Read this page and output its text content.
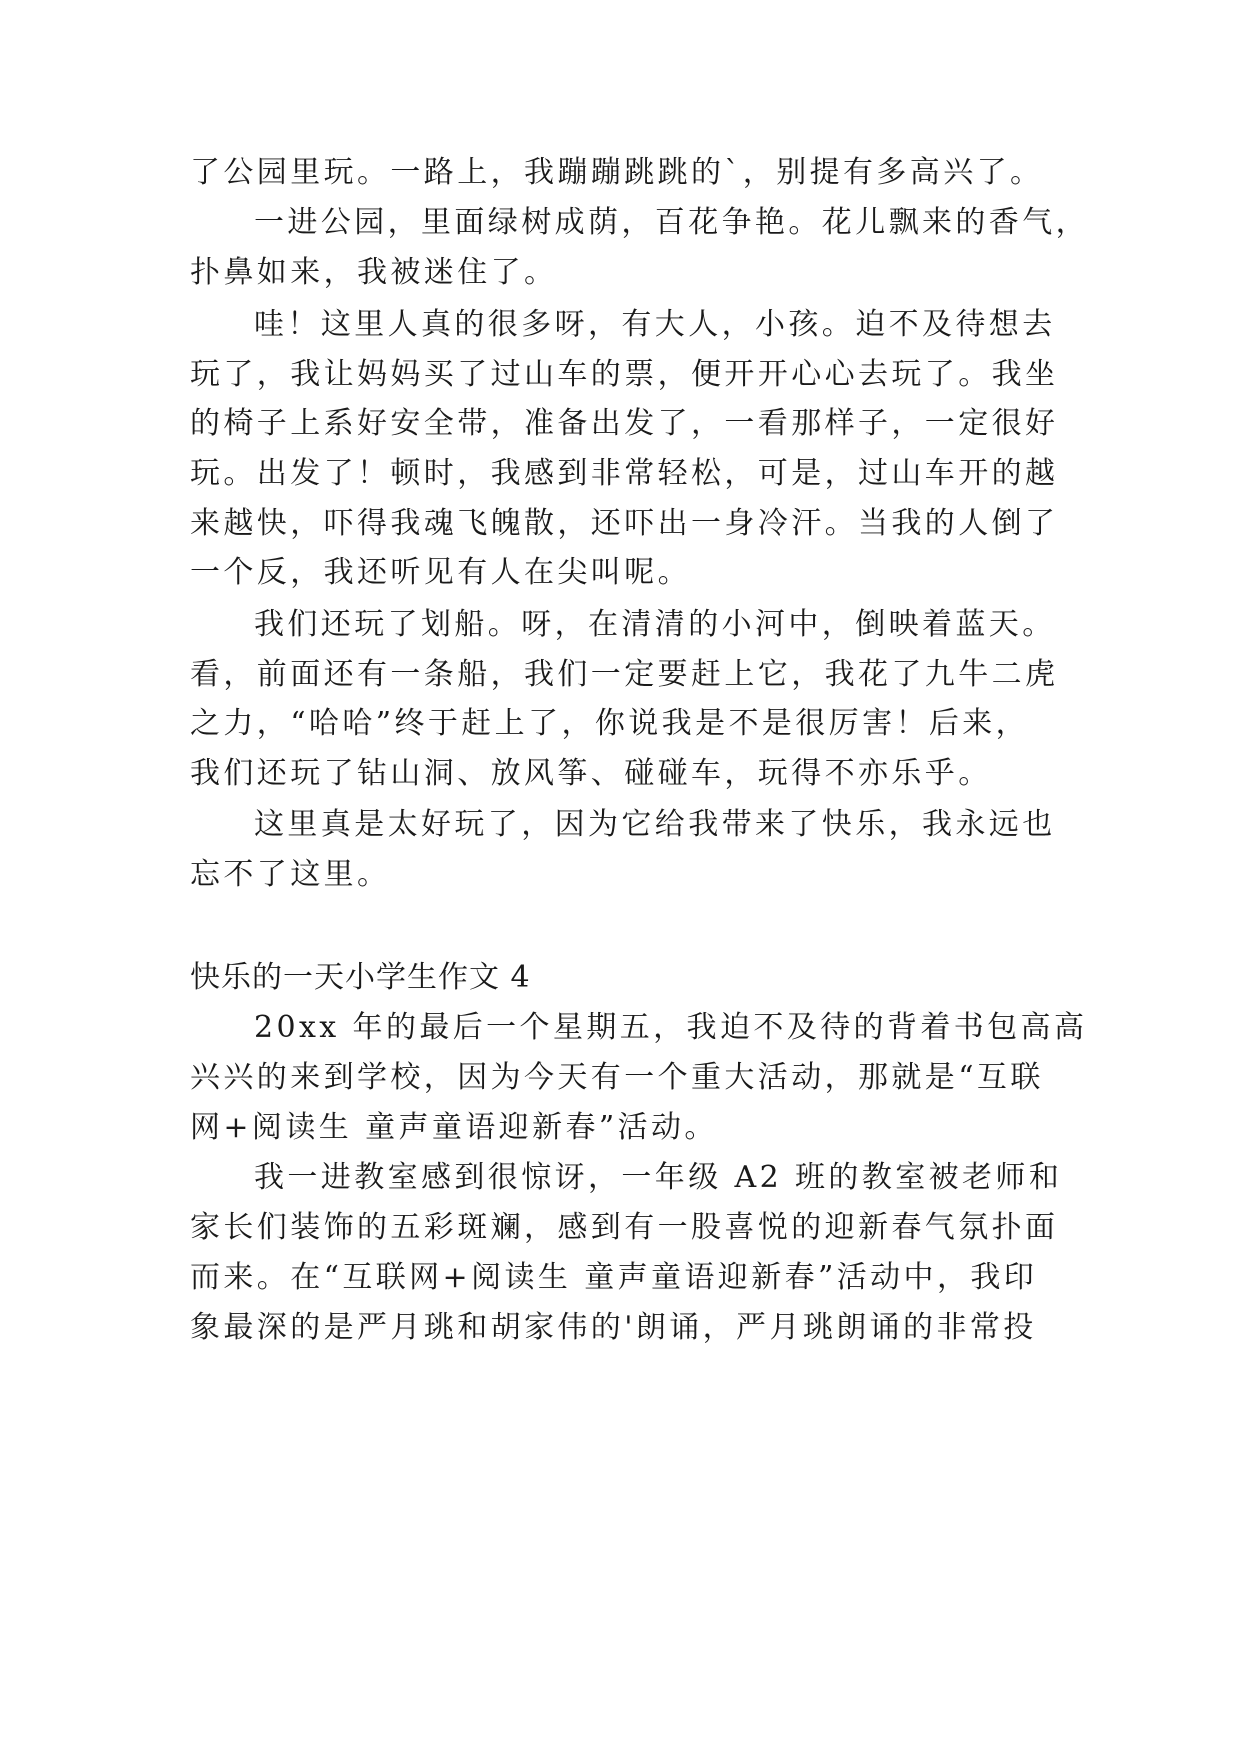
了公园里玩。一路上，我蹦蹦跳跳的`，别提有多高兴了。
一进公园，里面绿树成荫，百花争艳。花儿飘来的香气，
扑鼻如来，我被迷住了。
哇！这里人真的很多呀，有大人，小孩。迫不及待想去
玩了，我让妈妈买了过山车的票，便开开心心去玩了。我坐
的椅子上系好安全带，准备出发了，一看那样子，一定很好
玩。出发了！顿时，我感到非常轻松，可是，过山车开的越
来越快，吓得我魂飞魄散，还吓出一身冷汗。当我的人倒了
一个反，我还听见有人在尖叫呢。
我们还玩了划船。呀，在清清的小河中，倒映着蓝天。
看，前面还有一条船，我们一定要赶上它，我花了九牛二虎
之力，“哈哈”终于赶上了，你说我是不是很厉害！后来，
我们还玩了钻山洞、放风筝、碰碰车，玩得不亦乐乎。
这里真是太好玩了，因为它给我带来了快乐，我永远也
忘不了这里。
快乐的一天小学生作文 4
20xx 年的最后一个星期五，我迫不及待的背着书包高高
兴兴的来到学校，因为今天有一个重大活动，那就是“互联
网+阅读生 童声童语迎新春”活动。
我一进教室感到很惊讶，一年级 A2 班的教室被老师和
家长们装饰的五彩斑斓，感到有一股喜悦的迎新春气氛扑面
而来。在“互联网+阅读生 童声童语迎新春”活动中，我印
象最深的是严月珧和胡家伟的'朗诵，严月珧朗诵的非常投
